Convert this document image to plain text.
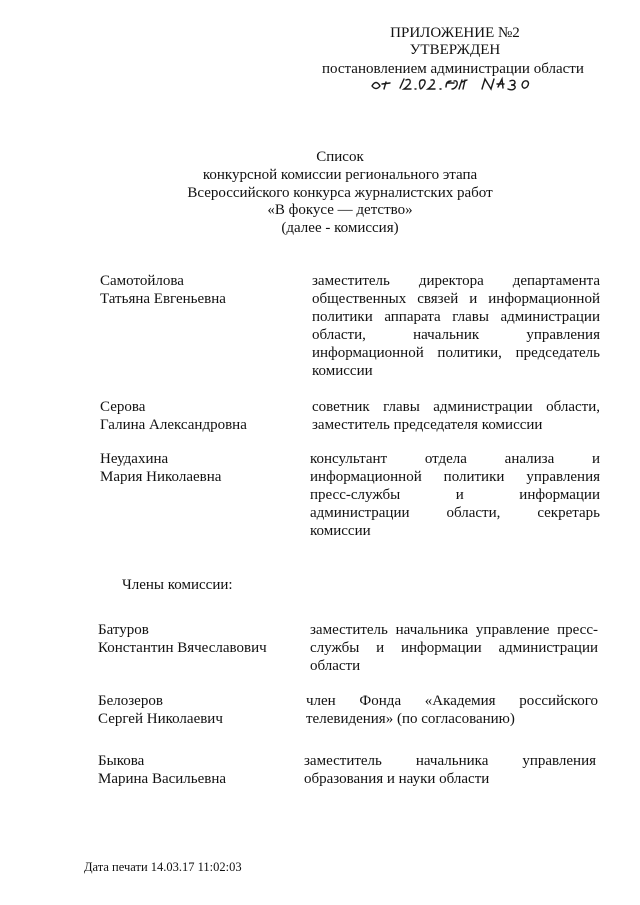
ПРИЛОЖЕНИЕ №2
УТВЕРЖДЕН
постановлением администрации области
Список
конкурсной комиссии регионального этапа
Всероссийского конкурса журналистских работ
«В фокусе — детство»
(далее - комиссия)
Самотойлова
Татьяна Евгеньевна
заместитель директора департамента
общественных связей и информационной
политики аппарата главы администрации
области, начальник управления
информационной политики, председатель
комиссии
Серова
Галина Александровна
советник главы администрации области,
заместитель председателя комиссии
Неудахина
Мария Николаевна
консультант отдела анализа и
информационной политики управления
пресс-службы и информации
администрации области, секретарь
комиссии
Члены комиссии:
Батуров
Константин Вячеславович
заместитель начальника управление пресс-
службы и информации администрации
области
Белозеров
Сергей Николаевич
член Фонда «Академия российского
телевидения» (по согласованию)
Быкова
Марина Васильевна
заместитель начальника управления
образования и науки области
Дата печати 14.03.17 11:02:03
